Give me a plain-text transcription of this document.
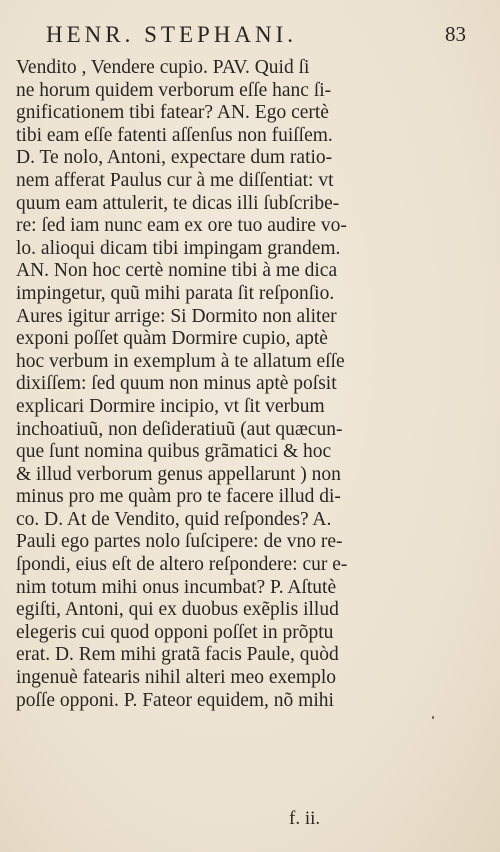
HENR. STEPHANI.	83
Vendito , Vendere cupio. PAV. Quid ſi
ne horum quidem verborum eſſe hanc ſi-
gnificationem tibi fatear? AN. Ego certè
tibi eam eſſe fatenti aſſenſus non fuiſſem.
D. Te nolo, Antoni, expectare dum ratio-
nem afferat Paulus cur à me diſſentiat: vt
quum eam attulerit, te dicas illi ſubſcribe-
re: ſed iam nunc eam ex ore tuo audire vo-
lo. alioqui dicam tibi impingam grandem.
AN. Non hoc certè nomine tibi à me dica
impingetur, quũ mihi parata ſit reſponſio.
Aures igitur arrige: Si Dormito non aliter
exponi poſſet quàm Dormire cupio, aptè
hoc verbum in exemplum à te allatum eſſe
dixiſſem: ſed quum non minus aptè poſsit
explicari Dormire incipio, vt ſit verbum
inchoatiuũ, non deſideratiuũ (aut quæcun-
que ſunt nomina quibus grãmatici & hoc
& illud verborum genus appellarunt ) non
minus pro me quàm pro te facere illud di-
co. D. At de Vendito, quid reſpondes? A.
Pauli ego partes nolo ſuſcipere: de vno re-
ſpondi, eius eſt de altero reſpondere: cur e-
nim totum mihi onus incumbat? P. Aſtutè
egiſti, Antoni, qui ex duobus exẽplis illud
elegeris cui quod opponi poſſet in prõptu
erat. D. Rem mihi gratã facis Paule, quòd
ingenuè fatearis nihil alteri meo exemplo
poſſe opponi. P. Fateor equidem, nõ mihi
f. ii.
